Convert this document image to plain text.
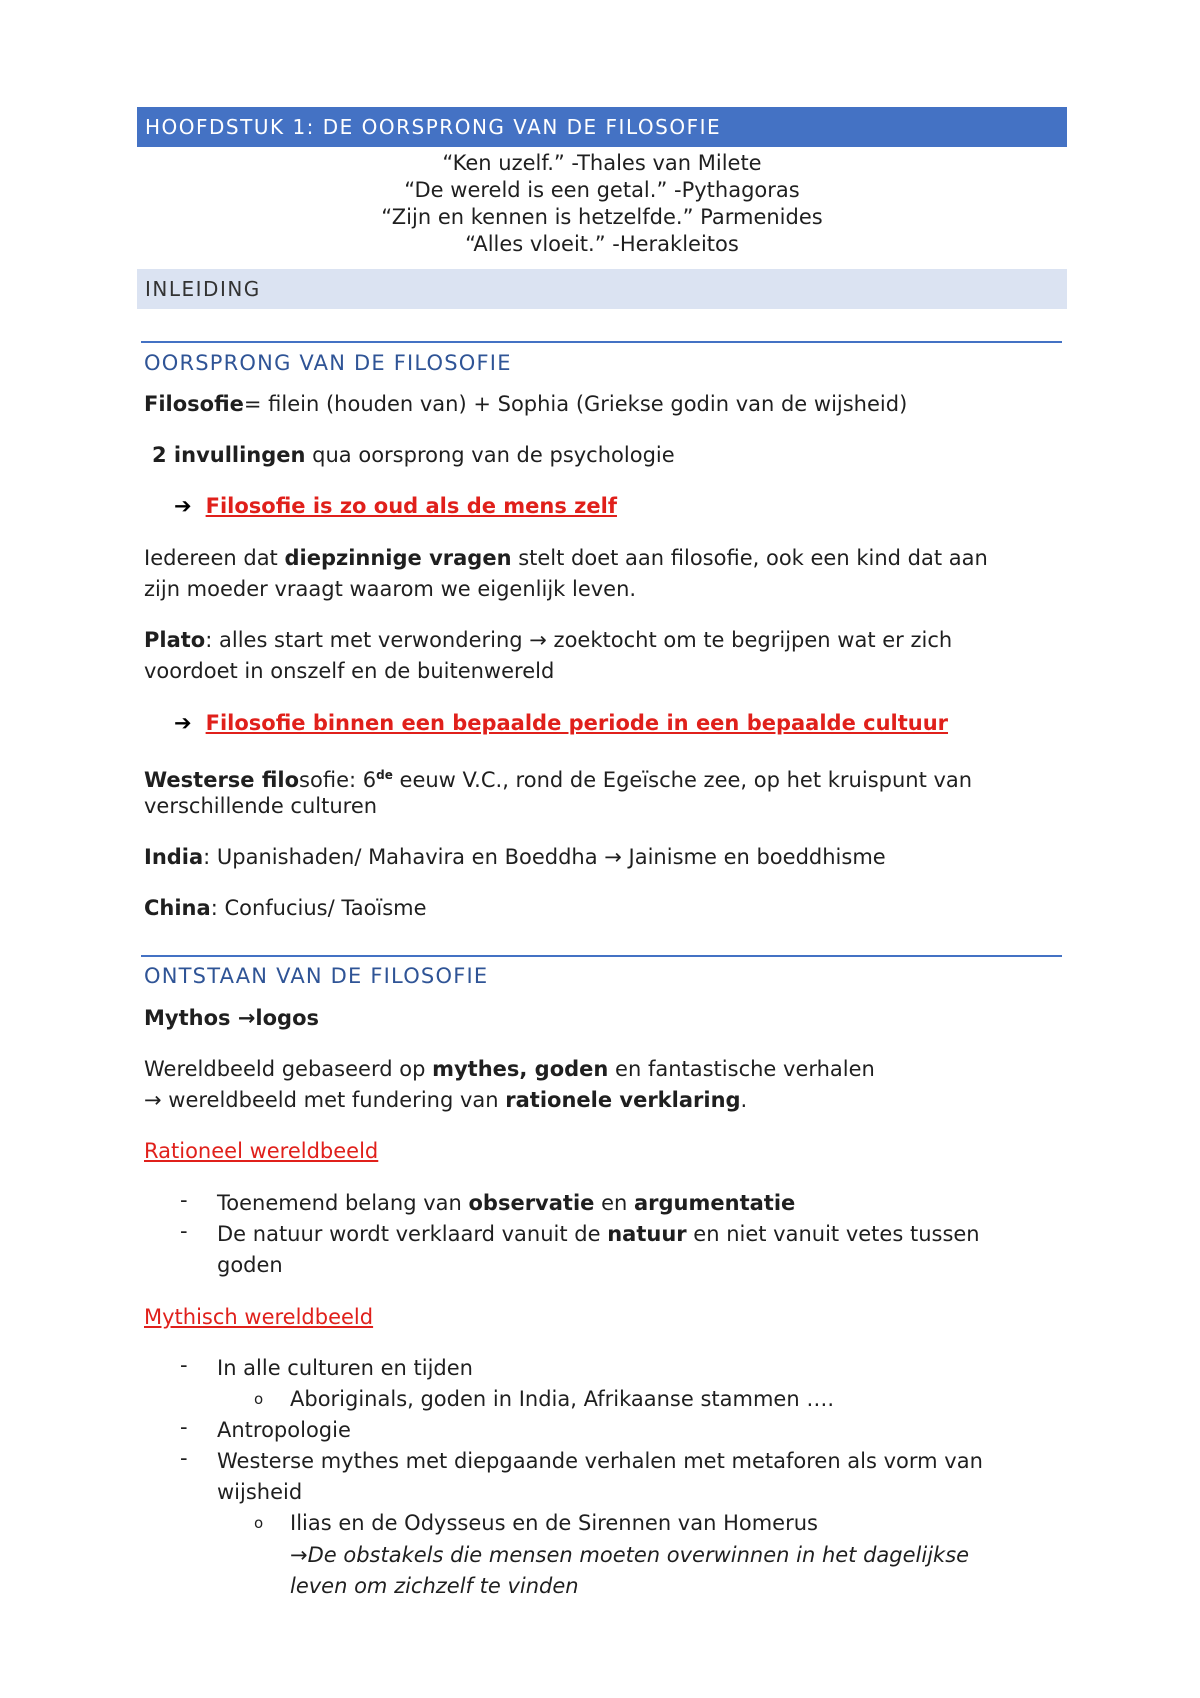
HOOFDSTUK 1: DE OORSPRONG VAN DE FILOSOFIE
“Ken uzelf.” -Thales van Milete
“De wereld is een getal.” -Pythagoras
“Zijn en kennen is hetzelfde.” Parmenides
“Alles vloeit.” -Herakleitos
INLEIDING
OORSPRONG VAN DE FILOSOFIE
Filosofie= filein (houden van) + Sophia (Griekse godin van de wijsheid)
2 invullingen qua oorsprong van de psychologie
➔ Filosofie is zo oud als de mens zelf
Iedereen dat diepzinnige vragen stelt doet aan filosofie, ook een kind dat aan
zijn moeder vraagt waarom we eigenlijk leven.
Plato: alles start met verwondering → zoektocht om te begrijpen wat er zich
voordoet in onszelf en de buitenwereld
➔ Filosofie binnen een bepaalde periode in een bepaalde cultuur
Westerse filosofie: 6de eeuw V.C., rond de Egeïsche zee, op het kruispunt van
verschillende culturen
India: Upanishaden/ Mahavira en Boeddha → Jainisme en boeddhisme
China: Confucius/ Taoïsme
ONTSTAAN VAN DE FILOSOFIE
Mythos →logos
Wereldbeeld gebaseerd op mythes, goden en fantastische verhalen
→ wereldbeeld met fundering van rationele verklaring.
Rationeel wereldbeeld
- Toenemend belang van observatie en argumentatie
- De natuur wordt verklaard vanuit de natuur en niet vanuit vetes tussen
goden
Mythisch wereldbeeld
- In alle culturen en tijden
o Aboriginals, goden in India, Afrikaanse stammen ….
- Antropologie
- Westerse mythes met diepgaande verhalen met metaforen als vorm van
wijsheid
o Ilias en de Odysseus en de Sirennen van Homerus
→De obstakels die mensen moeten overwinnen in het dagelijkse
leven om zichzelf te vinden
